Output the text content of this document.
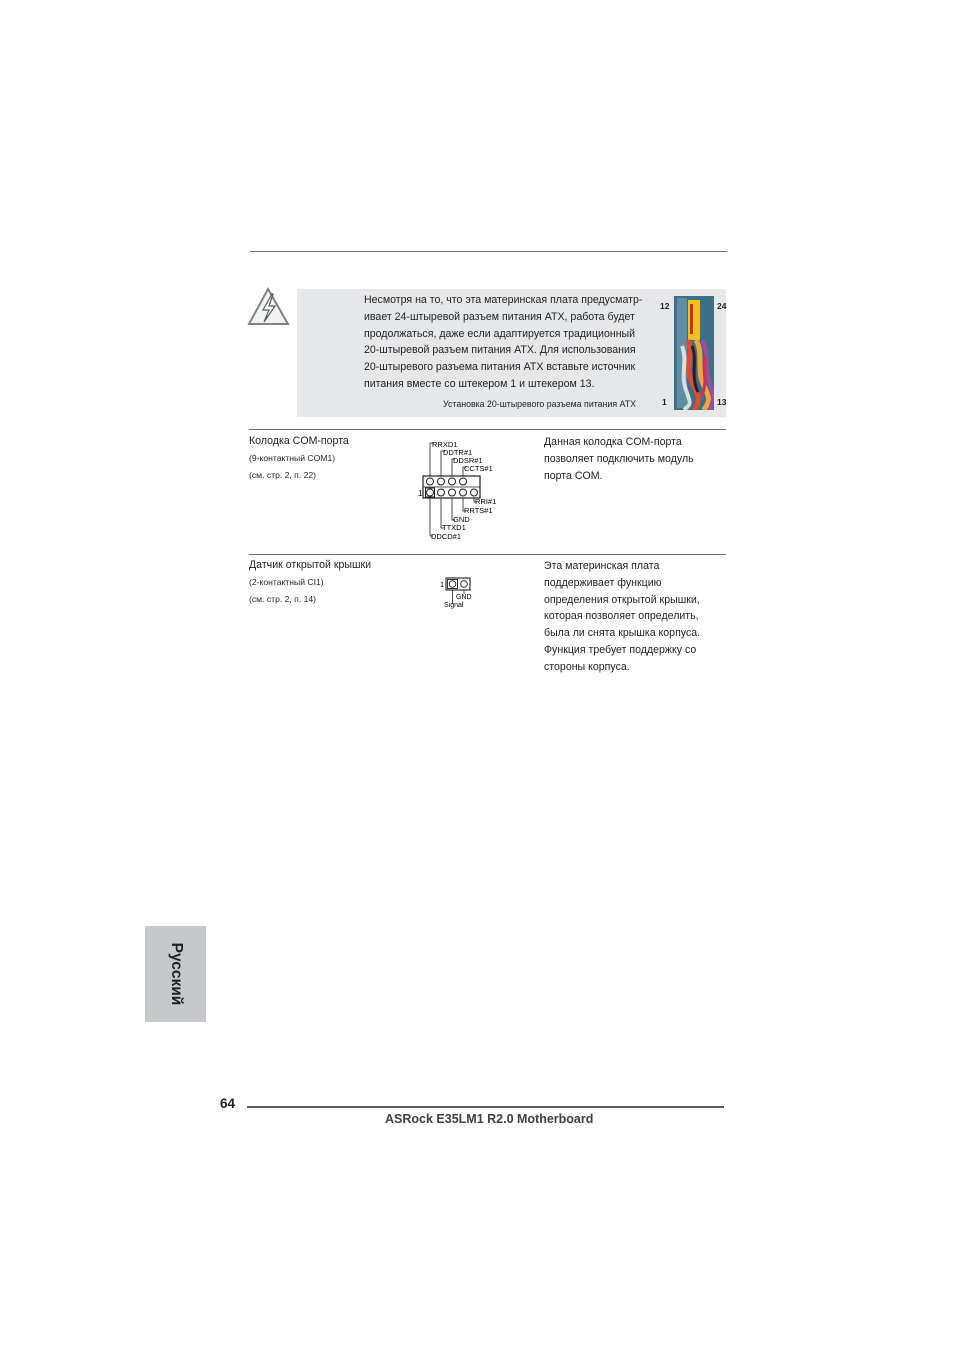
Несмотря на то, что эта материнская плата предусматр-
ивает 24-штыревой разъем питания ATX, работа будет
продолжаться, даже если адаптируется традиционный
20-штыревой разъем питания ATX. Для использования
20-штыревого разъема питания ATX вставьте источник
питания вместе со штекером 1 и штекером 13.
Установка 20-штыревого разъема питания ATX
12	24
1	13
Колодка COM-порта
(9-контактный COM1)
(см. стр. 2, п. 22)
Данная колодка COM-порта
позволяет подключить модуль
порта COM.
1
RRXD1
DDTR#1
DDSR#1
CCTS#1
RRI#1
RRTS#1
GND
TTXD1
DDCD#1
Датчик открытой крышки
(2-контактный CI1)
(см. стр. 2, п. 14)
Эта материнская плата
поддерживает функцию
определения открытой крышки,
которая позволяет определить,
была ли снята крышка корпуса.
Функция требует поддержку со
стороны корпуса.
1
GND
Signal
Русский
64
ASRock E35LM1 R2.0 Motherboard
